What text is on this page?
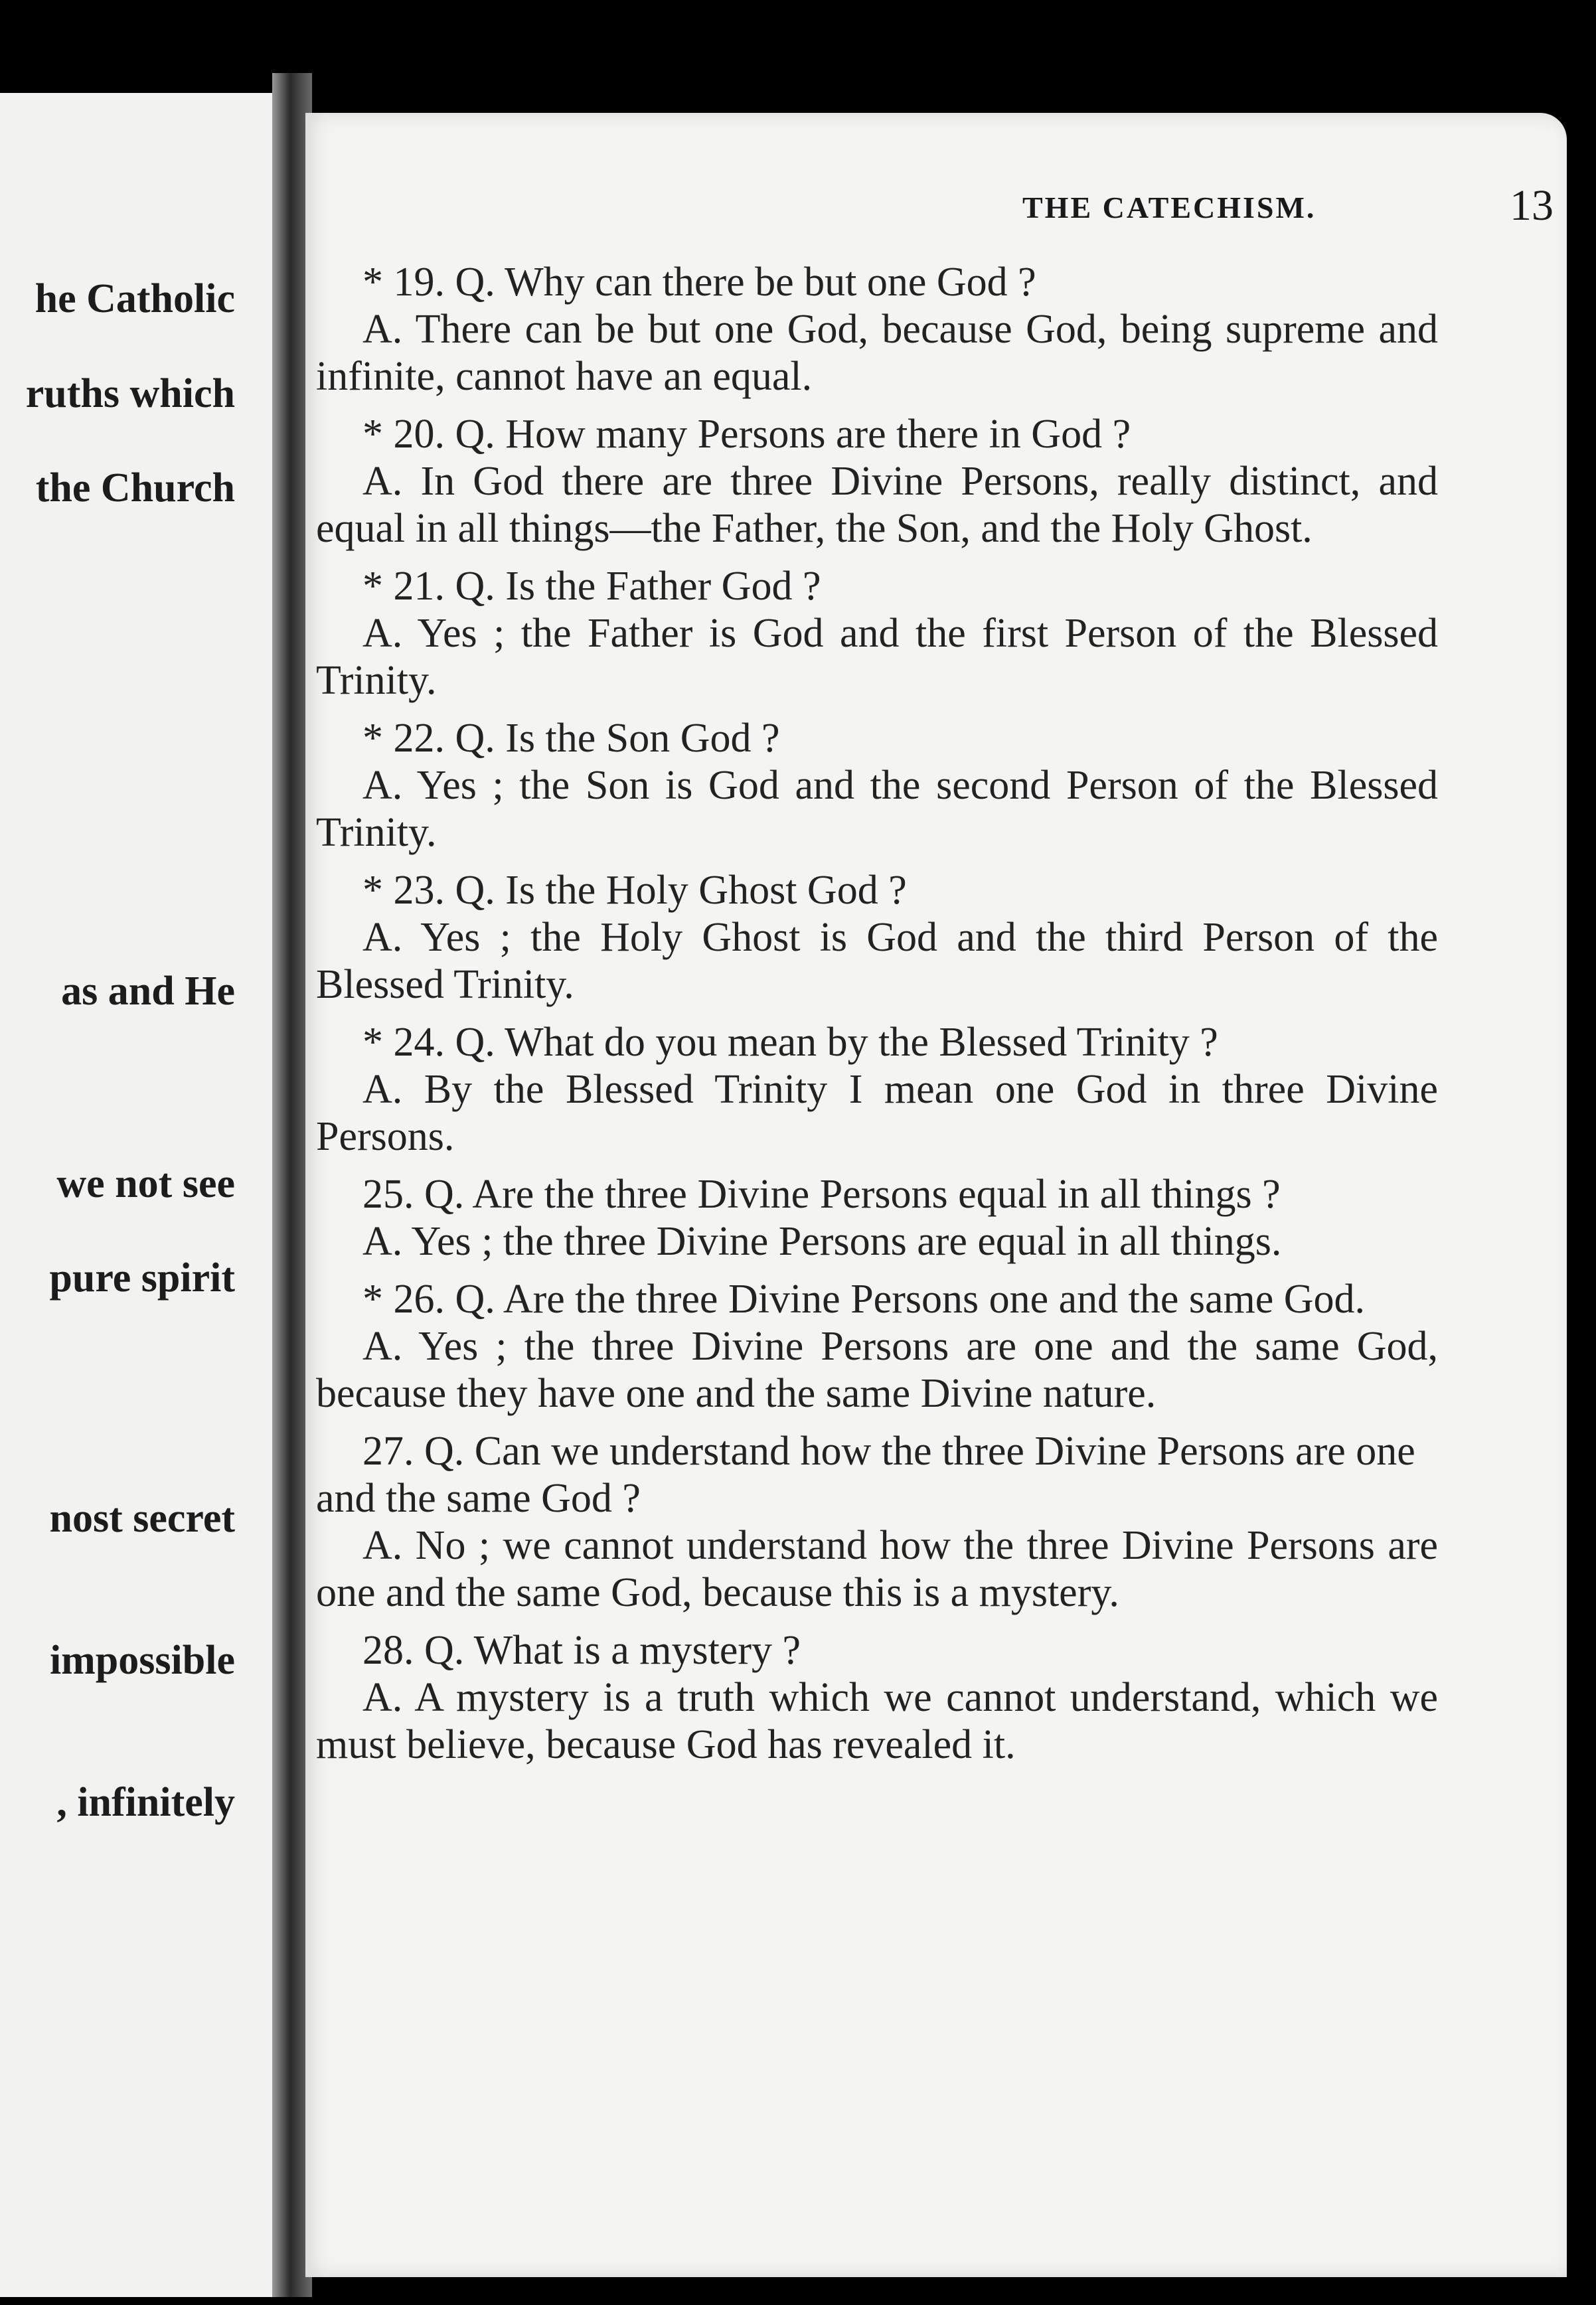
he Catholic
ruths which
the Church
as and He
we not see
pure spirit
nost secret
impossible
, infinitely
THE CATECHISM.	13
* 19. Q. Why can there be but one God ?
A. There can be but one God, because God, being supreme and infinite, cannot have an equal.
* 20. Q. How many Persons are there in God ?
A. In God there are three Divine Persons, really distinct, and equal in all things—the Father, the Son, and the Holy Ghost.
* 21. Q. Is the Father God ?
A. Yes ; the Father is God and the first Person of the Blessed Trinity.
* 22. Q. Is the Son God ?
A. Yes ; the Son is God and the second Person of the Blessed Trinity.
* 23. Q. Is the Holy Ghost God ?
A. Yes ; the Holy Ghost is God and the third Person of the Blessed Trinity.
* 24. Q. What do you mean by the Blessed Trinity ?
A. By the Blessed Trinity I mean one God in three Divine Persons.
25. Q. Are the three Divine Persons equal in all things ?
A. Yes ; the three Divine Persons are equal in all things.
* 26. Q. Are the three Divine Persons one and the same God.
A. Yes ; the three Divine Persons are one and the same God, because they have one and the same Divine nature.
27. Q. Can we understand how the three Divine Persons are one and the same God ?
A. No ; we cannot understand how the three Divine Persons are one and the same God, because this is a mystery.
28. Q. What is a mystery ?
A. A mystery is a truth which we cannot understand, which we must believe, because God has revealed it.
